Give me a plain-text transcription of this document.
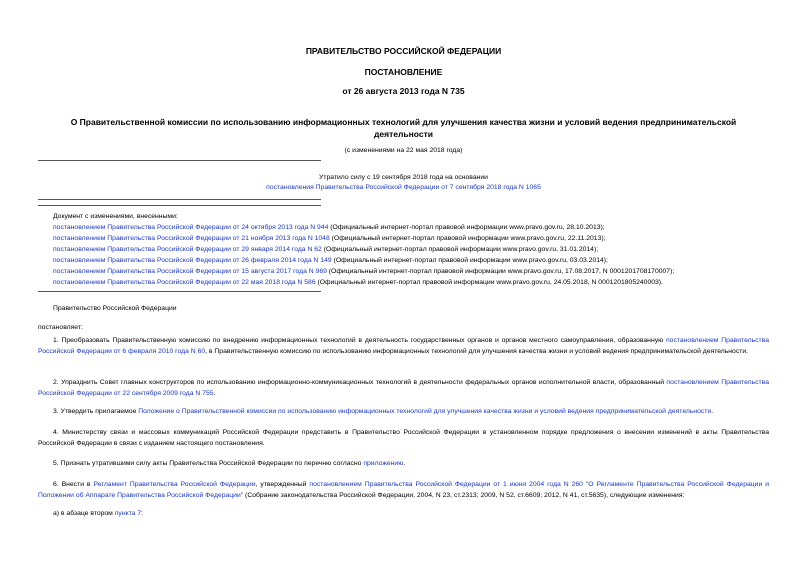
ПРАВИТЕЛЬСТВО РОССИЙСКОЙ ФЕДЕРАЦИИ
ПОСТАНОВЛЕНИЕ
от 26 августа 2013 года N 735
О Правительственной комиссии по использованию информационных технологий для улучшения качества жизни и условий ведения предпринимательской деятельности
(с изменениями на 22 мая 2018 года)
Утратило силу с 19 сентября 2018 года на основании
постановления Правительства Российской Федерации от 7 сентября 2018 года N 1065
Документ с изменениями, внесенными:
постановлением Правительства Российской Федерации от 24 октября 2013 года N 944 (Официальный интернет-портал правовой информации www.pravo.gov.ru, 28.10.2013);
постановлением Правительства Российской Федерации от 21 ноября 2013 года N 1048 (Официальный интернет-портал правовой информации www.pravo.gov.ru, 22.11.2013);
постановлением Правительства Российской Федерации от 29 января 2014 года N 62 (Официальный интернет-портал правовой информации www.pravo.gov.ru, 31.01.2014);
постановлением Правительства Российской Федерации от 26 февраля 2014 года N 149 (Официальный интернет-портал правовой информации www.pravo.gov.ru, 03.03.2014);
постановлением Правительства Российской Федерации от 15 августа 2017 года N 969 (Официальный интернет-портал правовой информации www.pravo.gov.ru, 17.08.2017, N 0001201708170007);
постановлением Правительства Российской Федерации от 22 мая 2018 года N 586 (Официальный интернет-портал правовой информации www.pravo.gov.ru, 24.05.2018, N 0001201805240003).
Правительство Российской Федерации
постановляет:
1. Преобразовать Правительственную комиссию по внедрению информационных технологий в деятельность государственных органов и органов местного самоуправления, образованную постановлением Правительства Российской Федерации от 6 февраля 2010 года N 60, в Правительственную комиссию по использованию информационных технологий для улучшения качества жизни и условий ведения предпринимательской деятельности.
2. Упразднить Совет главных конструкторов по использованию информационно-коммуникационных технологий в деятельности федеральных органов исполнительной власти, образованный постановлением Правительства Российской Федерации от 22 сентября 2009 года N 755.
3. Утвердить прилагаемое Положение о Правительственной комиссии по использованию информационных технологий для улучшения качества жизни и условий ведения предпринимательской деятельности.
4. Министерству связи и массовых коммуникаций Российской Федерации представить в Правительство Российской Федерации в установленном порядке предложения о внесении изменений в акты Правительства Российской Федерации в связи с изданием настоящего постановления.
5. Признать утратившими силу акты Правительства Российской Федерации по перечню согласно приложению.
6. Внести в Регламент Правительства Российской Федерации, утвержденный постановлением Правительства Российской Федерации от 1 июня 2004 года N 260 "О Регламенте Правительства Российской Федерации и Положении об Аппарате Правительства Российской Федерации" (Собрание законодательства Российской Федерации, 2004, N 23, ст.2313; 2009, N 52, ст.6609; 2012, N 41, ст.5635), следующие изменения:
а) в абзаце втором пункта 7:
